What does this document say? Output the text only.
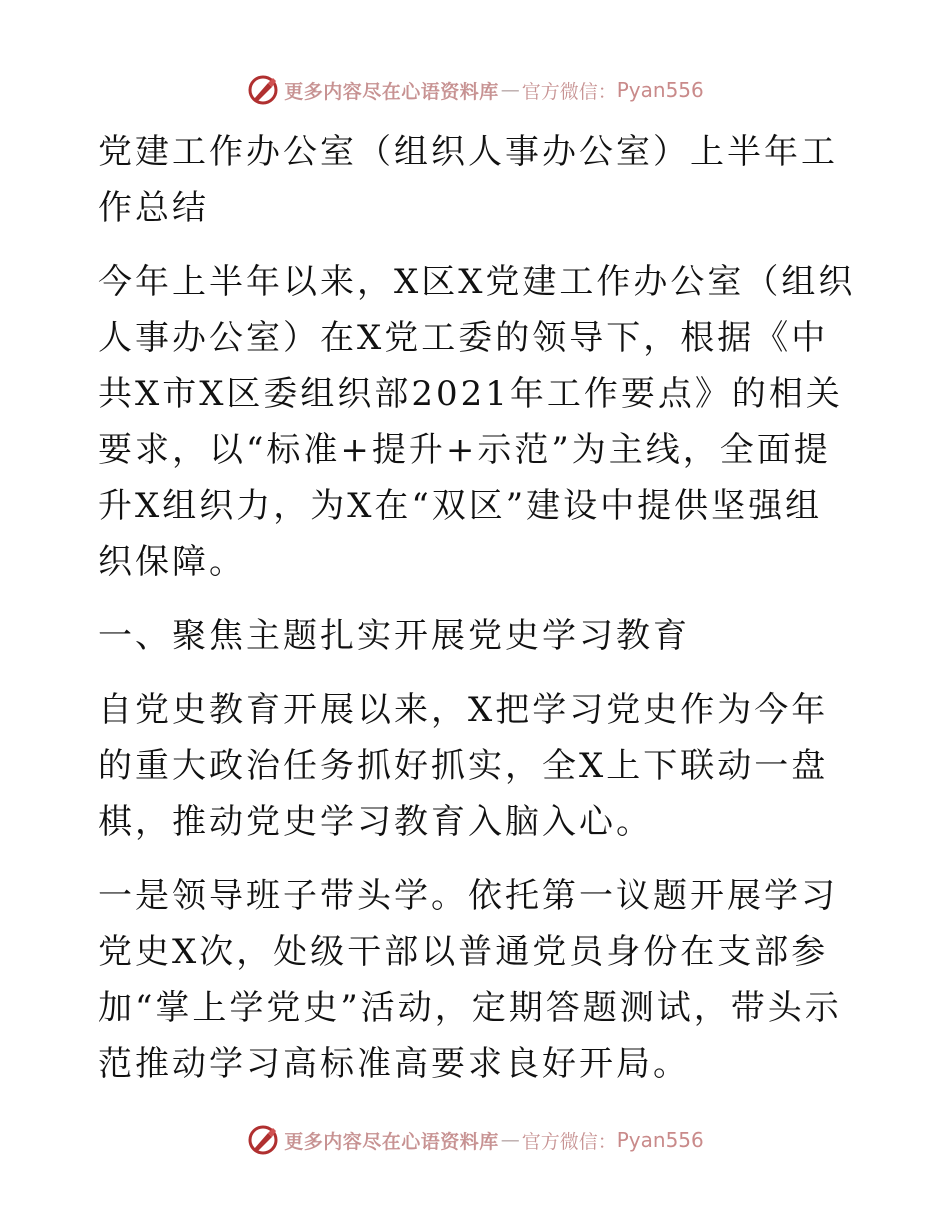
更多内容尽在心语资料库 — 官方微信： Pyan556
党建工作办公室（组织人事办公室）上半年工作总结

今年上半年以来，X区X党建工作办公室（组织人事办公室）在X党工委的领导下，根据《中共X市X区委组织部2021年工作要点》的相关要求，以“标准+提升+示范”为主线，全面提升X组织力，为X在“双区”建设中提供坚强组织保障。

一、聚焦主题扎实开展党史学习教育

自党史教育开展以来，X把学习党史作为今年的重大政治任务抓好抓实，全X上下联动一盘棋，推动党史学习教育入脑入心。

一是领导班子带头学。依托第一议题开展学习党史X次，处级干部以普通党员身份在支部参加“掌上学党史”活动，定期答题测试，带头示范推动学习高标准高要求良好开局。

更多内容尽在心语资料库 — 官方微信： Pyan556
